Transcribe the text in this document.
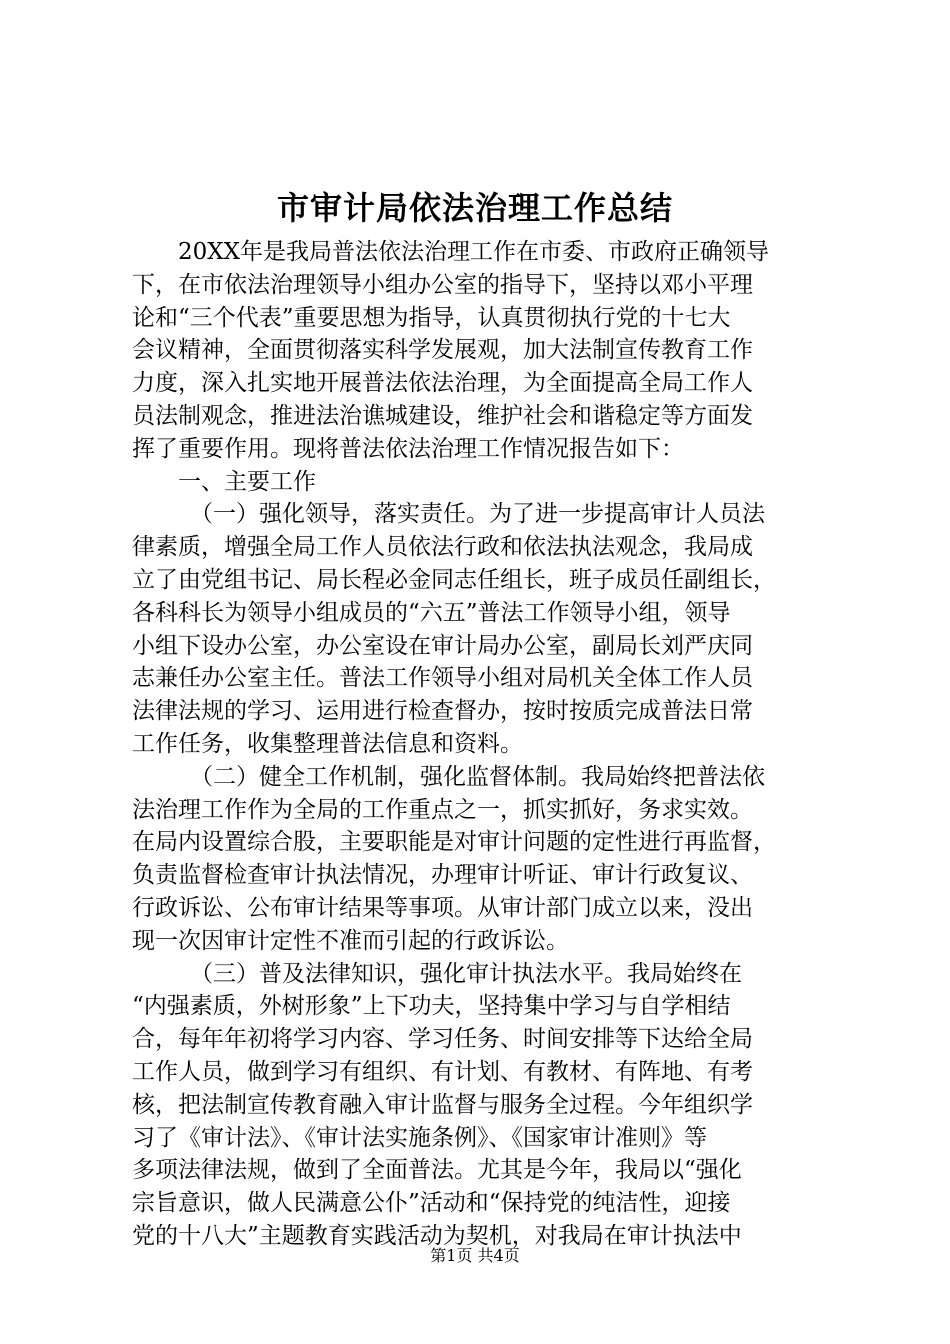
市审计局依法治理工作总结
20XX年是我局普法依法治理工作在市委、市政府正确领导
下，在市依法治理领导小组办公室的指导下，坚持以邓小平理
论和“三个代表”重要思想为指导，认真贯彻执行党的十七大
会议精神，全面贯彻落实科学发展观，加大法制宣传教育工作
力度，深入扎实地开展普法依法治理，为全面提高全局工作人
员法制观念，推进法治谯城建设，维护社会和谐稳定等方面发
挥了重要作用。现将普法依法治理工作情况报告如下：
一、主要工作
（一）强化领导，落实责任。为了进一步提高审计人员法
律素质，增强全局工作人员依法行政和依法执法观念，我局成
立了由党组书记、局长程必金同志任组长，班子成员任副组长，
各科科长为领导小组成员的“六五”普法工作领导小组，领导
小组下设办公室，办公室设在审计局办公室，副局长刘严庆同
志兼任办公室主任。普法工作领导小组对局机关全体工作人员
法律法规的学习、运用进行检查督办，按时按质完成普法日常
工作任务，收集整理普法信息和资料。
（二）健全工作机制，强化监督体制。我局始终把普法依
法治理工作作为全局的工作重点之一，抓实抓好，务求实效。
在局内设置综合股，主要职能是对审计问题的定性进行再监督，
负责监督检查审计执法情况，办理审计听证、审计行政复议、
行政诉讼、公布审计结果等事项。从审计部门成立以来，没出
现一次因审计定性不准而引起的行政诉讼。
（三）普及法律知识，强化审计执法水平。我局始终在
“内强素质，外树形象”上下功夫，坚持集中学习与自学相结
合，每年年初将学习内容、学习任务、时间安排等下达给全局
工作人员，做到学习有组织、有计划、有教材、有阵地、有考
核，把法制宣传教育融入审计监督与服务全过程。今年组织学
习了《审计法》、《审计法实施条例》、《国家审计准则》等
多项法律法规，做到了全面普法。尤其是今年，我局以“强化
宗旨意识，做人民满意公仆”活动和“保持党的纯洁性，迎接
党的十八大”主题教育实践活动为契机，对我局在审计执法中
第1页 共4页
